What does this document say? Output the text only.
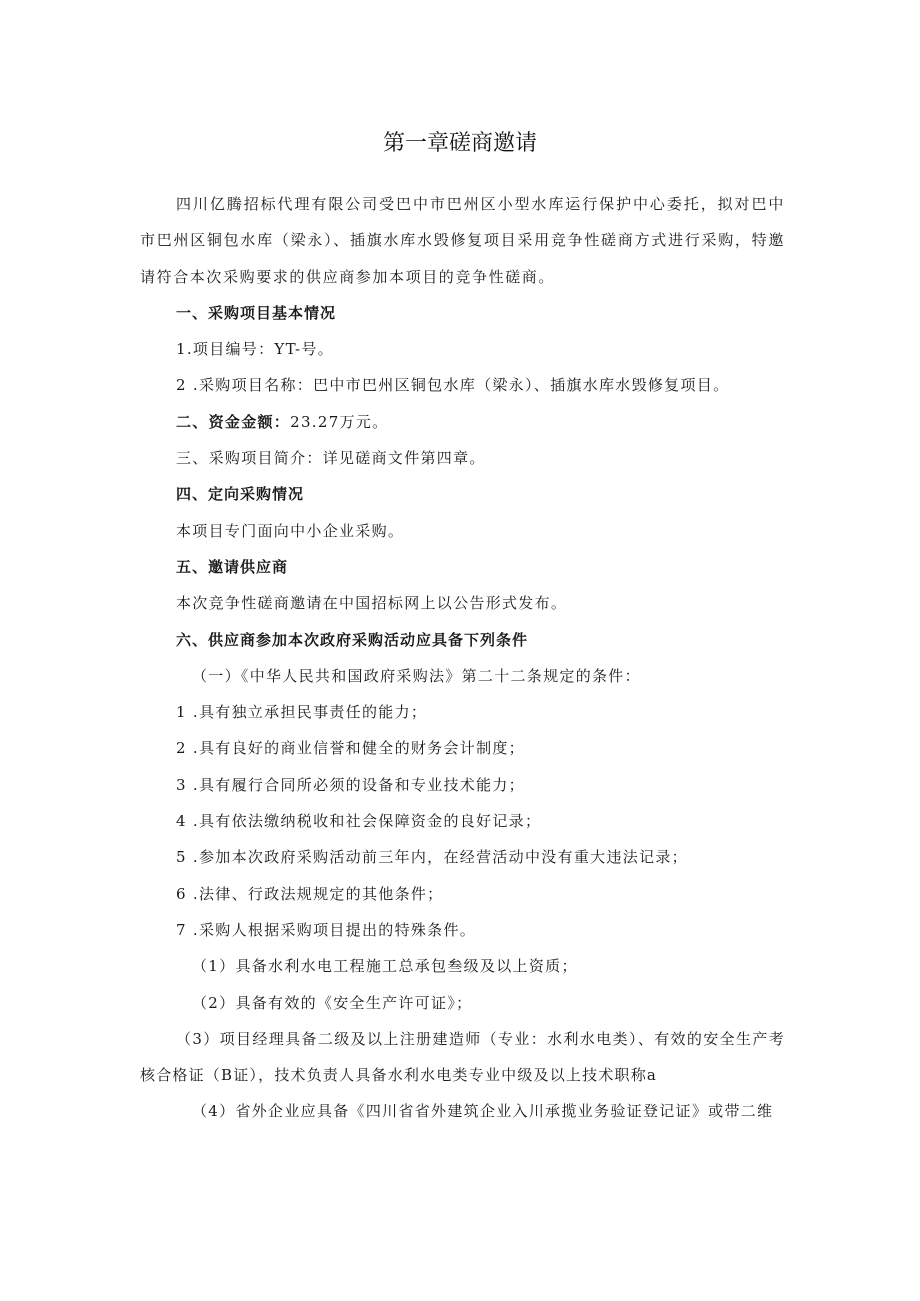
第一章磋商邀请

四川亿腾招标代理有限公司受巴中市巴州区小型水库运行保护中心委托，拟对巴中市巴州区铜包水库（梁永）、插旗水库水毁修复项目采用竞争性磋商方式进行采购，特邀请符合本次采购要求的供应商参加本项目的竞争性磋商。

一、采购项目基本情况

1.项目编号：YT-号。

2 .采购项目名称：巴中市巴州区铜包水库（梁永）、插旗水库水毁修复项目。

二、资金金额：23.27万元。

三、采购项目简介：详见磋商文件第四章。

四、定向采购情况

本项目专门面向中小企业采购。

五、邀请供应商

本次竞争性磋商邀请在中国招标网上以公告形式发布。

六、供应商参加本次政府采购活动应具备下列条件

（一）《中华人民共和国政府采购法》第二十二条规定的条件：

1 .具有独立承担民事责任的能力；

2 .具有良好的商业信誉和健全的财务会计制度；

3 .具有履行合同所必须的设备和专业技术能力；

4 .具有依法缴纳税收和社会保障资金的良好记录；

5 .参加本次政府采购活动前三年内，在经营活动中没有重大违法记录；

6 .法律、行政法规规定的其他条件；

7 .采购人根据采购项目提出的特殊条件。

（1）具备水利水电工程施工总承包叁级及以上资质；

（2）具备有效的《安全生产许可证》；

（3）项目经理具备二级及以上注册建造师（专业：水利水电类）、有效的安全生产考核合格证（B证），技术负责人具备水利水电类专业中级及以上技术职称a

（4）省外企业应具备《四川省省外建筑企业入川承揽业务验证登记证》或带二维
